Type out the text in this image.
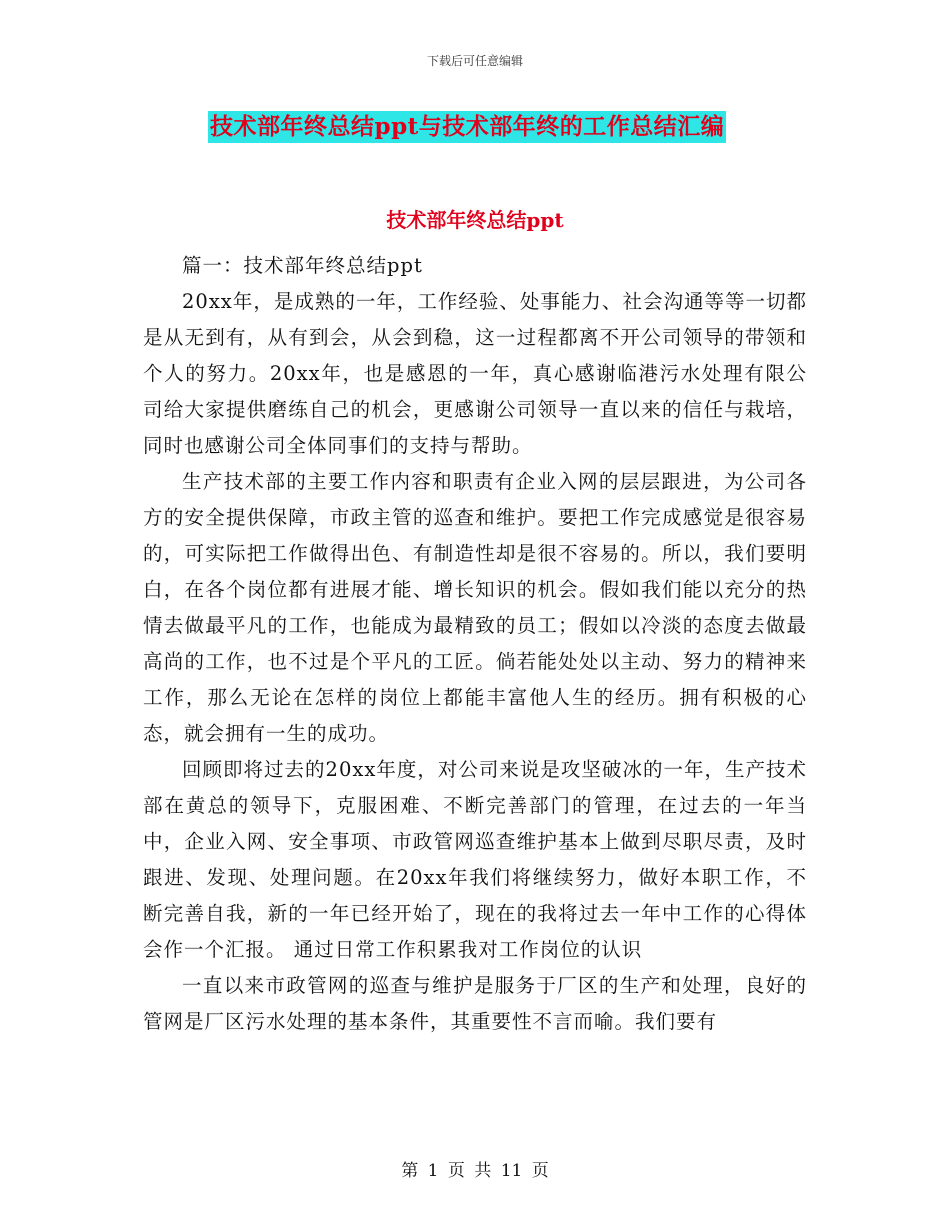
下载后可任意编辑
技术部年终总结ppt与技术部年终的工作总结汇编
技术部年终总结ppt

篇一：技术部年终总结ppt

20xx年，是成熟的一年，工作经验、处事能力、社会沟通等等一切都是从无到有，从有到会，从会到稳，这一过程都离不开公司领导的带领和个人的努力。20xx年，也是感恩的一年，真心感谢临港污水处理有限公司给大家提供磨练自己的机会，更感谢公司领导一直以来的信任与栽培，同时也感谢公司全体同事们的支持与帮助。

生产技术部的主要工作内容和职责有企业入网的层层跟进，为公司各方的安全提供保障，市政主管的巡查和维护。要把工作完成感觉是很容易的，可实际把工作做得出色、有制造性却是很不容易的。所以，我们要明白，在各个岗位都有进展才能、增长知识的机会。假如我们能以充分的热情去做最平凡的工作，也能成为最精致的员工；假如以冷淡的态度去做最高尚的工作，也不过是个平凡的工匠。倘若能处处以主动、努力的精神来工作，那么无论在怎样的岗位上都能丰富他人生的经历。拥有积极的心态，就会拥有一生的成功。

回顾即将过去的20xx年度，对公司来说是攻坚破冰的一年，生产技术部在黄总的领导下，克服困难、不断完善部门的管理，在过去的一年当中，企业入网、安全事项、市政管网巡查维护基本上做到尽职尽责，及时跟进、发现、处理问题。在20xx年我们将继续努力，做好本职工作，不断完善自我，新的一年已经开始了，现在的我将过去一年中工作的心得体会作一个汇报。 通过日常工作积累我对工作岗位的认识

一直以来市政管网的巡查与维护是服务于厂区的生产和处理，良好的管网是厂区污水处理的基本条件，其重要性不言而喻。我们要有

第 1 页 共 11 页
